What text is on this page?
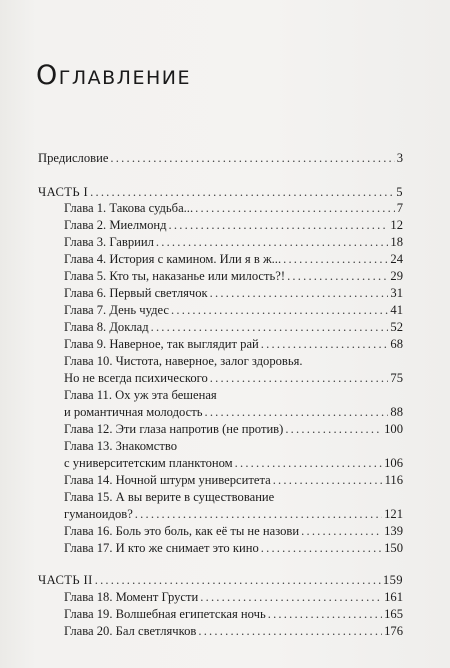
Оглавление
Предисловие .....	3
ЧАСТЬ I .....	5
Глава 1. Такова судьба... .....	7
Глава 2. Миелмонд .....	12
Глава 3. Гавриил .....	18
Глава 4. История с камином. Или я в ж... .....	24
Глава 5. Кто ты, наказанье или милость?! .....	29
Глава 6. Первый светлячок .....	31
Глава 7. День чудес .....	41
Глава 8. Доклад .....	52
Глава 9. Наверное, так выглядит рай .....	68
Глава 10. Чистота, наверное, залог здоровья.
Но не всегда психического .....	75
Глава 11. Ох уж эта бешеная
и романтичная молодость .....	88
Глава 12. Эти глаза напротив (не против) .....	100
Глава 13. Знакомство
с университетским планктоном .....	106
Глава 14. Ночной штурм университета .....	116
Глава 15. А вы верите в существование
гуманоидов? .....	121
Глава 16. Боль это боль, как её ты не назови .....	139
Глава 17. И кто же снимает это кино .....	150
ЧАСТЬ II .....	159
Глава 18. Момент Грусти .....	161
Глава 19. Волшебная египетская ночь .....	165
Глава 20. Бал светлячков .....	176
